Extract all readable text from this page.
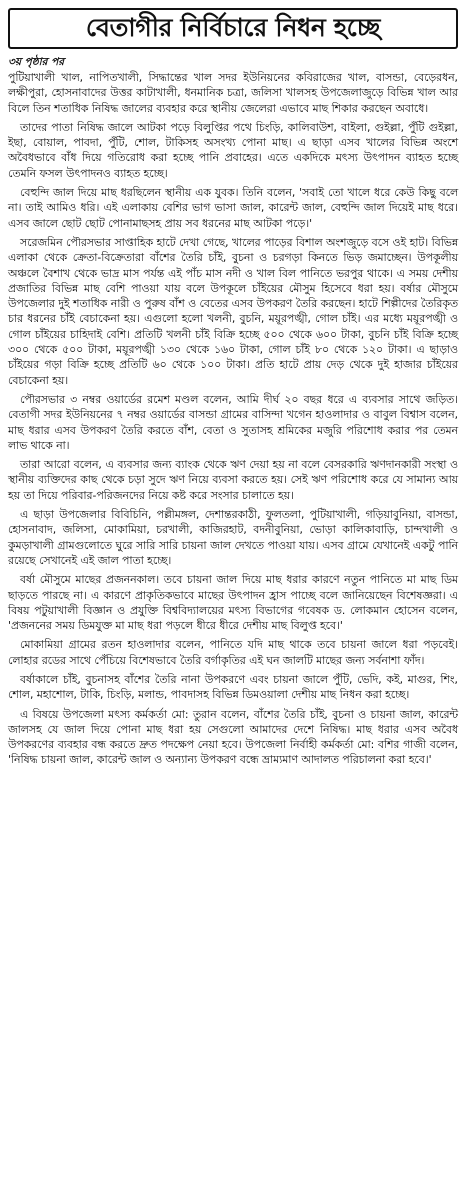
বেতাগীর নির্বিচারে নিধন হচ্ছে
৩য় পৃষ্ঠার পর

পুটিয়াখালী খাল, নাপিতখালী, সিদ্ধান্তের খাল সদর ইউনিয়নের কবিরাজের খাল, বাসন্ডা, বেড়েরধন, লক্ষীপুরা, হোসনাবাদের উত্তর কাটাখালী, ধনমানিক চত্রা, জলিসা খালসহ উপজেলাজুড়ে বিভিন্ন খাল আর বিলে তিন শতাধিক নিষিদ্ধ জালের ব্যবহার করে স্থানীয় জেলেরা এভাবে মাছ শিকার করছেন অবাধে।

তাদের পাতা নিষিদ্ধ জালে আটকা পড়ে বিলুপ্তির পথে চিংড়ি, কালিবাউশ, বাইলা, গুইল্লা, পুঁটি গুইল্লা, ইছা, বোয়াল, পাবদা, পুঁটি, শোল, টাকিসহ অসংখ্য পোনা মাছ। এ ছাড়া এসব খালের বিভিন্ন অংশে অবৈধভাবে বাঁধ দিয়ে গতিরোধ করা হচ্ছে পানি প্রবাহের। এতে একদিকে মৎস্য উৎপাদন ব্যাহত হচ্ছে তেমনি ফসল উৎপাদনও ব্যাহত হচ্ছে।

বেহুন্দি জাল দিয়ে মাছ ধরছিলেন স্থানীয় এক যুবক। তিনি বলেন, 'সবাই তো খালে ধরে কেউ কিছু বলে না। তাই আমিও ধরি। এই এলাকায় বেশির ভাগ ভাসা জাল, কারেন্ট জাল, বেহুন্দি জাল দিয়েই মাছ ধরে। এসব জালে ছোট ছোট পোনামাছসহ প্রায় সব ধরনের মাছ আটকা পড়ে।'

সরেজমিন পৌরসভার সাপ্তাহিক হাটে দেখা গেছে, খালের পাড়ের বিশাল অংশজুড়ে বসে ওই হাট। বিভিন্ন এলাকা থেকে ক্রেতা-বিক্রেতারা বাঁশের তৈরি চাঁই, বুচনা ও চরগড়া কিনতে ভিড় জমাচ্ছেন। উপকূলীয় অঞ্চলে বৈশাখ থেকে ভাদ্র মাস পর্যন্ত এই পাঁচ মাস নদী ও খাল বিল পানিতে ভরপুর থাকে। এ সময় দেশীয় প্রজাতির বিভিন্ন মাছ বেশি পাওয়া যায় বলে উপকূলে চাঁইয়ের মৌসুম হিসেবে ধরা হয়। বর্ষার মৌসুমে উপজেলার দুই শতাধিক নারী ও পুরুষ বাঁশ ও বেতের এসব উপকরণ তৈরি করছেন। হাটে শিল্পীদের তৈরিকৃত চার ধরনের চাঁই বেচাকেনা হয়। এগুলো হলো খলনী, বুচনি, ময়ূরপঙ্খী, গোল চাঁই। এর মধ্যে ময়ূরপঙ্খী ও গোল চাঁইয়ের চাহিদাই বেশি। প্রতিটি খলনী চাঁই বিক্রি হচ্ছে ৫০০ থেকে ৬০০ টাকা, বুচনি চাঁই বিক্রি হচ্ছে ৩০০ থেকে ৫০০ টাকা, ময়ূরপঙ্খী ১৩০ থেকে ১৬০ টাকা, গোল চাঁই ৮০ থেকে ১২০ টাকা। এ ছাড়াও চাঁইয়ের গড়া বিক্রি হচ্ছে প্রতিটি ৬০ থেকে ১০০ টাকা। প্রতি হাটে প্রায় দেড় থেকে দুই হাজার চাঁইয়ের বেচাকেনা হয়।

পৌরসভার ৩ নম্বর ওয়ার্ডের রমেশ মণ্ডল বলেন, আমি দীর্ঘ ২০ বছর ধরে এ ব্যবসার সাথে জড়িত। বেতাগী সদর ইউনিয়নের ৭ নম্বর ওয়ার্ডের বাসন্ডা গ্রামের বাসিন্দা খগেন হাওলাদার ও বাবুল বিশ্বাস বলেন, মাছ ধরার এসব উপকরণ তৈরি করতে বাঁশ, বেতা ও সুতাসহ শ্রমিকের মজুরি পরিশোধ করার পর তেমন লাভ থাকে না।

তারা আরো বলেন, এ ব্যবসার জন্য ব্যাংক থেকে ঋণ দেয়া হয় না বলে বেসরকারি ঋণদানকারী সংস্থা ও স্থানীয় ব্যক্তিদের কাছ থেকে চড়া সুদে ঋণ নিয়ে ব্যবসা করতে হয়। সেই ঋণ পরিশোধ করে যে সামান্য আয় হয় তা দিয়ে পরিবার-পরিজনদের নিয়ে কষ্ট করে সংসার চালাতে হয়।

এ ছাড়া উপজেলার বিবিচিনি, পল্লীমঙ্গল, দেশান্তরকাঠী, ফুলতলা, পুটিয়াখালী, গড়িয়াবুনিয়া, বাসন্ডা, হোসনাবাদ, জলিসা, মোকামিয়া, চরখালী, কাজিরহাট, বদনীবুনিয়া, ভোড়া কালিকাবাড়ি, চান্দখালী ও কুমড়াখালী গ্রামগুলোতে ঘুরে সারি সারি চায়না জাল দেখতে পাওয়া যায়। এসব গ্রামে যেখানেই একটু পানি রয়েছে সেখানেই এই জাল পাতা হচ্ছে।

বর্ষা মৌসুমে মাছের প্রজননকাল। তবে চায়না জাল দিয়ে মাছ ধরার কারণে নতুন পানিতে মা মাছ ডিম ছাড়তে পারছে না। এ কারণে প্রাকৃতিকভাবে মাছের উৎপাদন হ্রাস পাচ্ছে বলে জানিয়েছেন বিশেষজ্ঞরা। এ বিষয় পটুয়াখালী বিজ্ঞান ও প্রযুক্তি বিশ্ববিদ্যালয়ের মৎস্য বিভাগের গবেষক ড. লোকমান হোসেন বলেন, 'প্রজননের সময় ডিমযুক্ত মা মাছ ধরা পড়লে ধীরে ধীরে দেশীয় মাছ বিলুপ্ত হবে।'

মোকামিয়া গ্রামের রতন হাওলাদার বলেন, পানিতে যদি মাছ থাকে তবে চায়না জালে ধরা পড়বেই। লোহার রডের সাথে পেঁচিয়ে বিশেষভাবে তৈরি বর্গাকৃতির এই ঘন জালটি মাছের জন্য সর্বনাশা ফাঁদ।

বর্ষাকালে চাঁই, বুচনাসহ বাঁশের তৈরি নানা উপকরণে এবং চায়না জালে পুঁটি, ভেদি, কই, মাগুর, শিং, শোল, মহাশোল, টাকি, চিংড়ি, মলান্ড, পাবদাসহ বিভিন্ন ডিমওয়ালা দেশীয় মাছ নিধন করা হচ্ছে।

এ বিষয়ে উপজেলা মৎস্য কর্মকর্তা মো: তুরান বলেন, বাঁশের তৈরি চাঁই, বুচনা ও চায়না জাল, কারেন্ট জালসহ যে জাল দিয়ে পোনা মাছ ধরা হয় সেগুলো আমাদের দেশে নিষিদ্ধ। মাছ ধরার এসব অবৈধ উপকরণের ব্যবহার বন্ধ করতে দ্রুত পদক্ষেপ নেয়া হবে। উপজেলা নির্বাহী কর্মকর্তা মো: বশির গাজী বলেন, 'নিষিদ্ধ চায়না জাল, কারেন্ট জাল ও অন্যান্য উপকরণ বন্ধে ভ্রাম্যমাণ আদালত পরিচালনা করা হবে।'
